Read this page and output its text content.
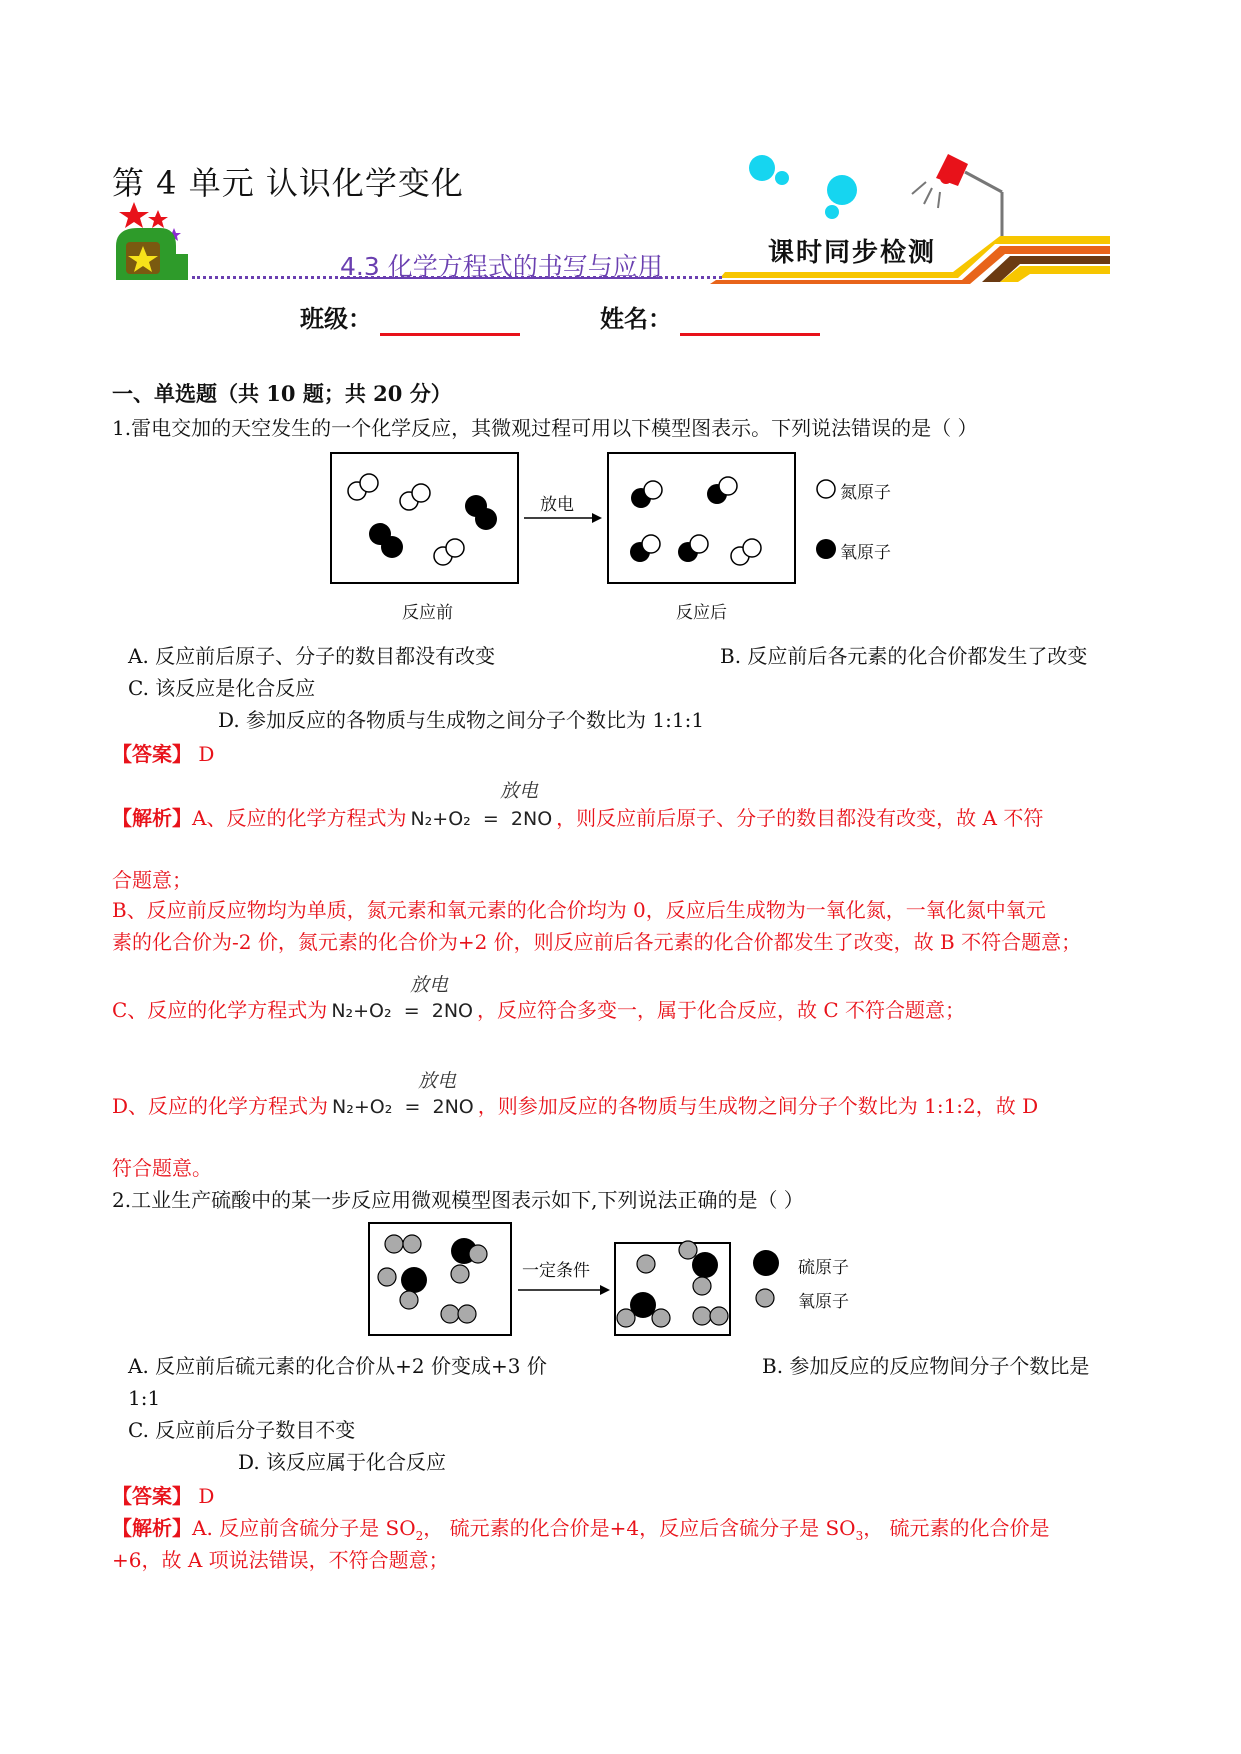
第 4 单元 认识化学变化
课时同步检测
4.3 化学方程式的书写与应用
班级：	姓名：
一、单选题（共 10 题；共 20 分）
1.雷电交加的天空发生的一个化学反应，其微观过程可用以下模型图表示。下列说法错误的是（ ）
放电
反应前	反应后
氮原子
氧原子
A. 反应前后原子、分子的数目都没有改变	B. 反应前后各元素的化合价都发生了改变
C. 该反应是化合反应
D. 参加反应的各物质与生成物之间分子个数比为 1:1:1
【答案】 D
【解析】A、反应的化学方程式为 N₂+O₂ = 2NO ，则反应前后原子、分子的数目都没有改变，故 A 不符
放电
合题意；
B、反应前反应物均为单质，氮元素和氧元素的化合价均为 0，反应后生成物为一氧化氮，一氧化氮中氧元
素的化合价为-2 价，氮元素的化合价为+2 价，则反应前后各元素的化合价都发生了改变，故 B 不符合题意；
C、反应的化学方程式为 N₂+O₂ = 2NO ，反应符合多变一，属于化合反应，故 C 不符合题意；
放电
D、反应的化学方程式为 N₂+O₂ = 2NO ，则参加反应的各物质与生成物之间分子个数比为 1:1:2，故 D
放电
符合题意。
2.工业生产硫酸中的某一步反应用微观模型图表示如下,下列说法正确的是（ ）
一定条件	硫原子
氧原子
A. 反应前后硫元素的化合价从+2 价变成+3 价	B. 参加反应的反应物间分子个数比是
1:1
C. 反应前后分子数目不变
D. 该反应属于化合反应
【答案】 D
【解析】A. 反应前含硫分子是 $SO_2$， 硫元素的化合价是+4，反应后含硫分子是 $SO_3$， 硫元素的化合价是
+6，故 A 项说法错误，不符合题意；
